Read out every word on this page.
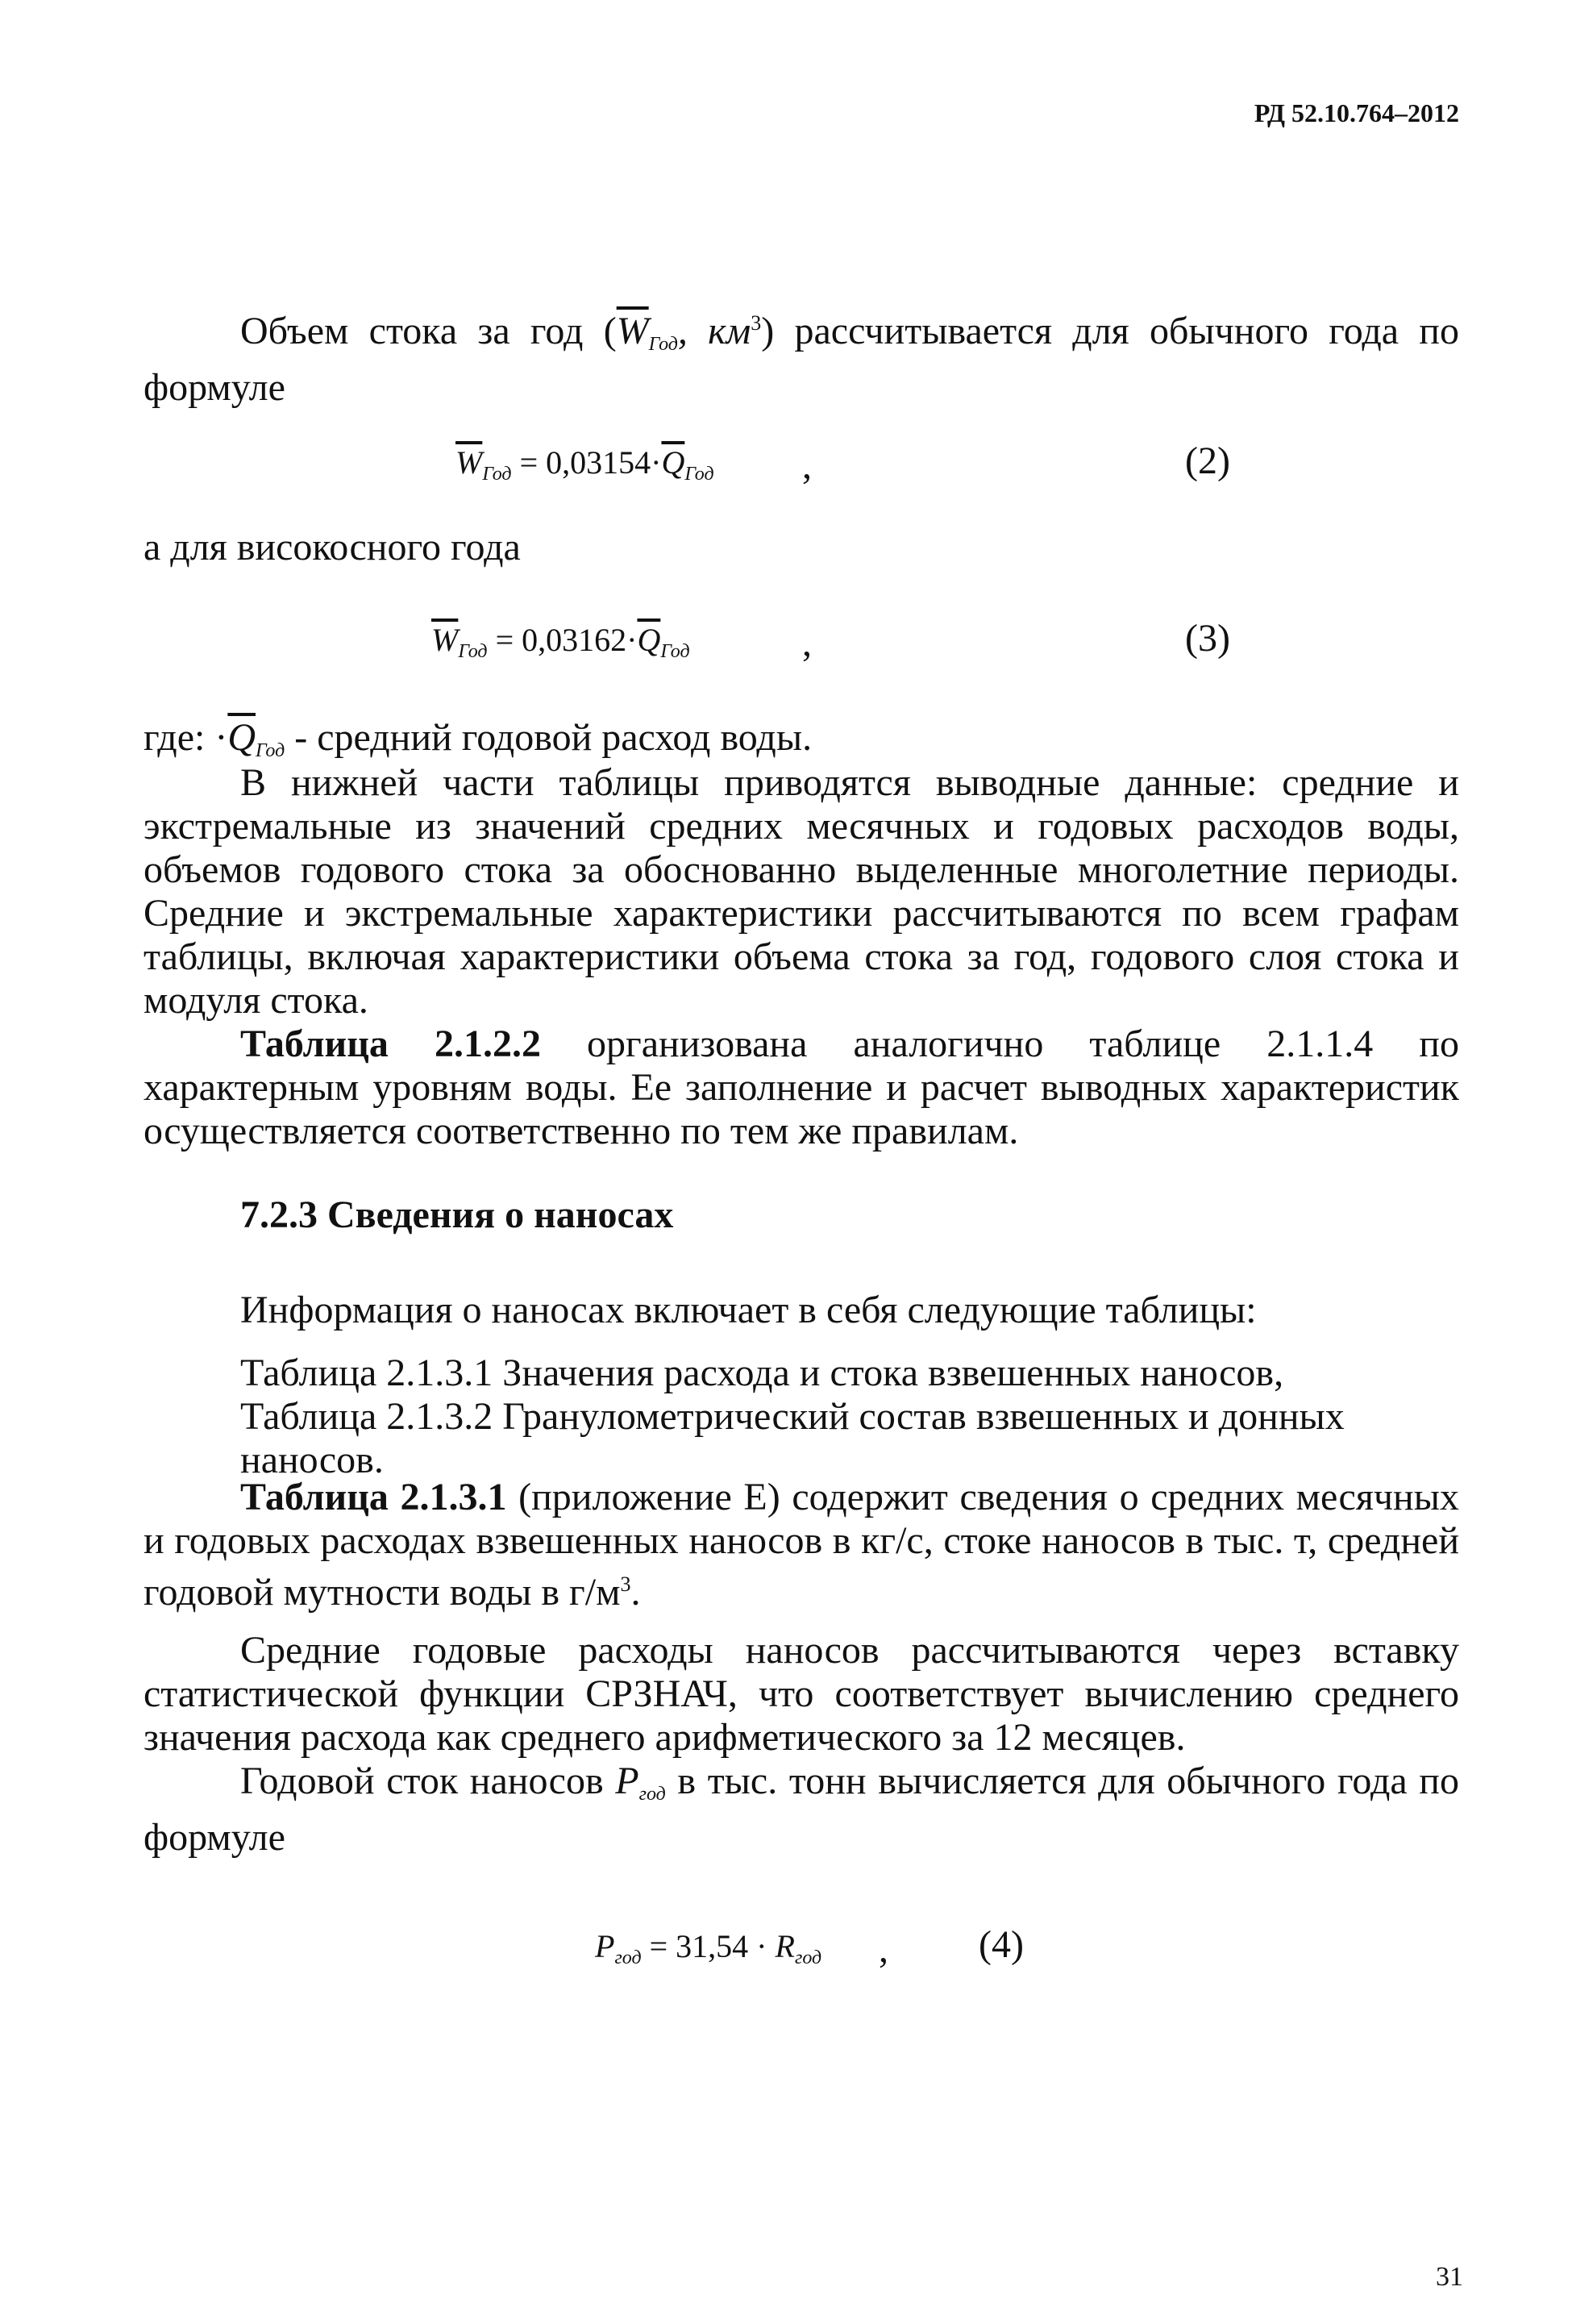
РД 52.10.764–2012
Объем стока за год ($\overline{W}_{Год}$, $км^3$) рассчитывается для обычного года по формуле
$\overline{W}_{Год} = 0,03154\cdot\overline{Q}_{Год}$ ,	(2)
а для високосного года
$\overline{W}_{Год} = 0,03162\cdot\overline{Q}_{Год}$	,	(3)
где: $\cdot\overline{Q}_{Год}$ - средний годовой расход воды.
В нижней части таблицы приводятся выводные данные: средние и экстремальные из значений средних месячных и годовых расходов воды, объемов годового стока за обоснованно выделенные многолетние периоды. Средние и экстремальные характеристики рассчитываются по всем графам таблицы, включая характеристики объема стока за год, годового слоя стока и модуля стока.
Таблица 2.1.2.2 организована аналогично таблице 2.1.1.4 по характерным уровням воды. Ее заполнение и расчет выводных характеристик осуществляется соответственно по тем же правилам.
7.2.3 Сведения о наносах
Информация о наносах включает в себя следующие таблицы:
Таблица 2.1.3.1 Значения расхода и стока взвешенных наносов,
Таблица 2.1.3.2 Гранулометрический состав взвешенных и донных наносов.
Таблица 2.1.3.1 (приложение Е) содержит сведения о средних месячных и годовых расходах взвешенных наносов в кг/с, стоке наносов в тыс. т, средней годовой мутности воды в $г/м^3$.
Средние годовые расходы наносов рассчитываются через вставку статистической функции СРЗНАЧ, что соответствует вычислению среднего значения расхода как среднего арифметического за 12 месяцев.
Годовой сток наносов $P_{год}$ в тыс. тонн вычисляется для обычного года по формуле
$P_{год} = 31,54 \cdot R_{год}$ , (4)
31
